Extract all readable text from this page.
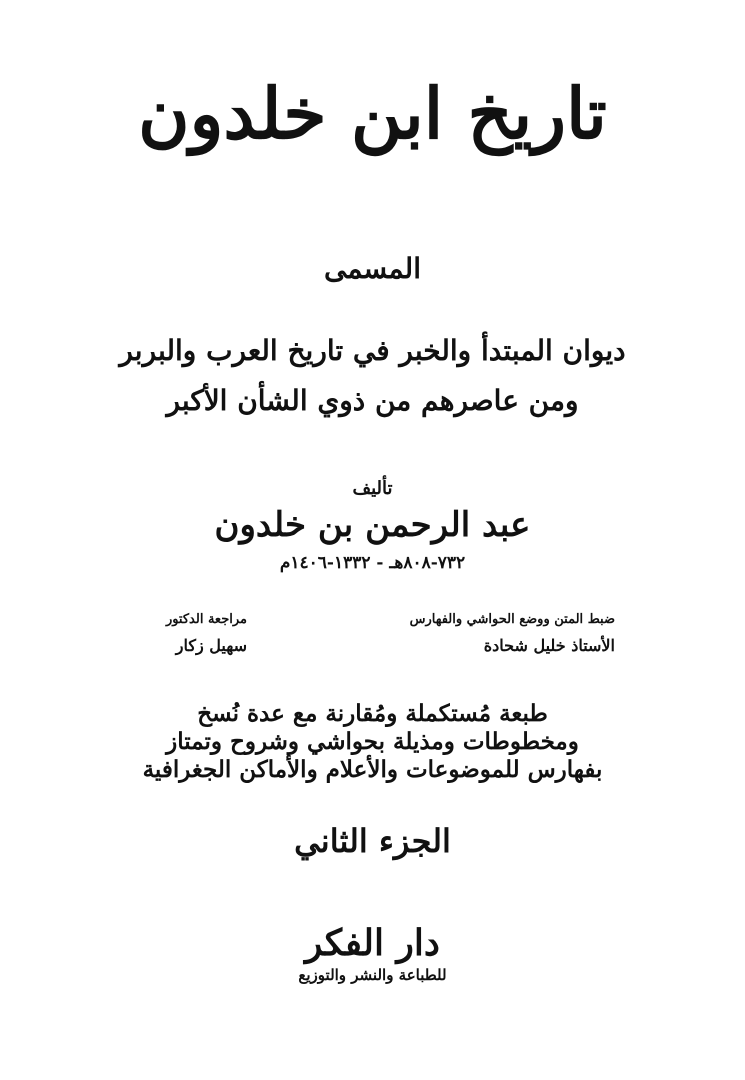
تاريخ ابن خلدون
المسمى
ديوان المبتدأ والخبر في تاريخ العرب والبربر
ومن عاصرهم من ذوي الشأن الأكبر
تأليف
عبد الرحمن بن خلدون
٧٣٢-٨٠٨هـ - ١٣٣٢-١٤٠٦م
ضبط المتن ووضع الحواشي والفهارس
الأستاذ خليل شحادة
مراجعة الدكتور
سهيل زكار
طبعة مُستكملة ومُقارنة مع عدة نُسخ
ومخطوطات ومذيلة بحواشي وشروح وتمتاز
بفهارس للموضوعات والأعلام والأماكن الجغرافية
الجزء الثاني
دار الفكر
للطباعة والنشر والتوزيع
